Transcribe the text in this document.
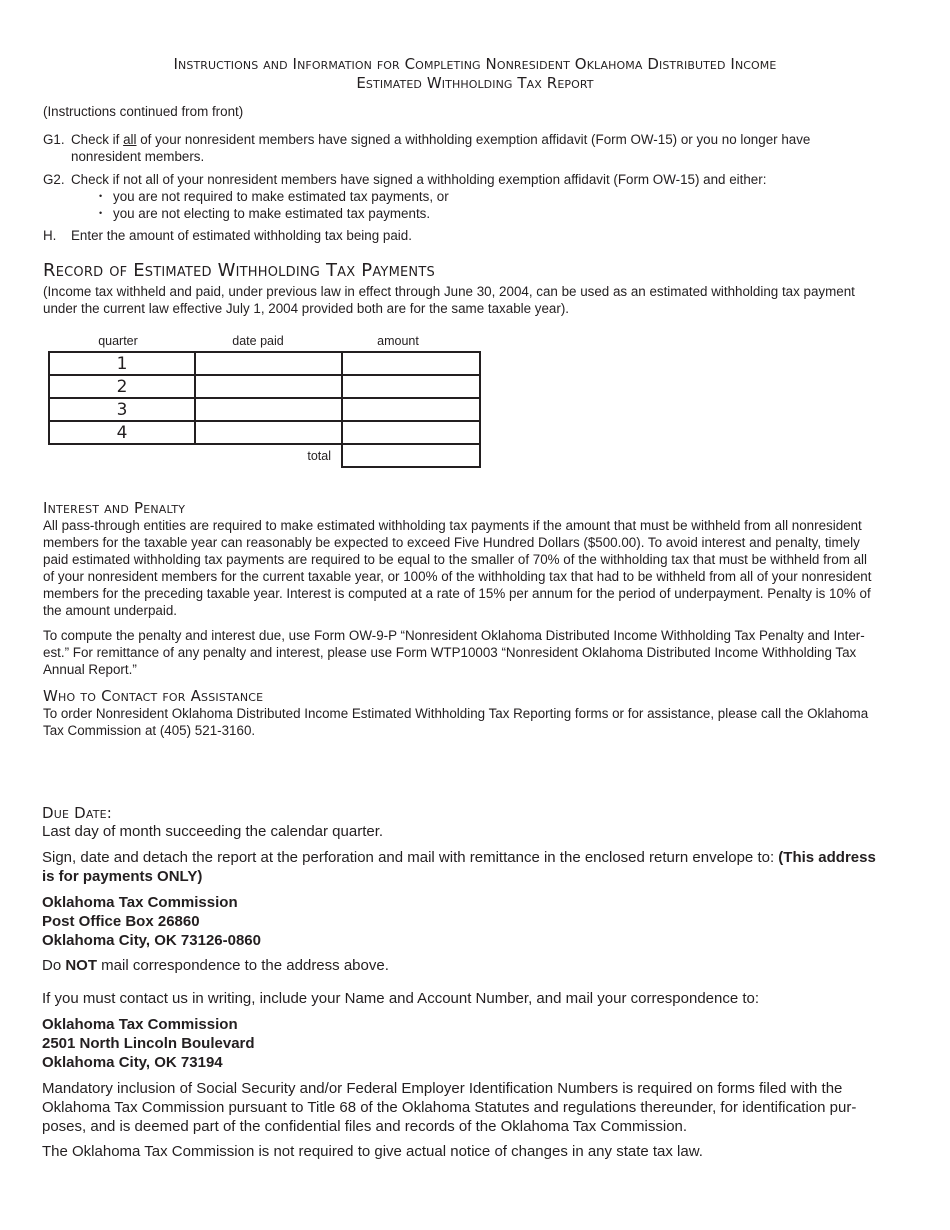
Instructions and Information for Completing Nonresident Oklahoma Distributed Income
Estimated Withholding Tax Report
(Instructions continued from front)
G1. Check if all of your nonresident members have signed a withholding exemption affidavit (Form OW-15) or you no longer have
nonresident members.
G2. Check if not all of your nonresident members have signed a withholding exemption affidavit (Form OW-15) and either:
• you are not required to make estimated tax payments, or
• you are not electing to make estimated tax payments.
H. Enter the amount of estimated withholding tax being paid.
Record of Estimated Withholding Tax Payments
(Income tax withheld and paid, under previous law in effect through June 30, 2004, can be used as an estimated withholding tax payment
under the current law effective July 1, 2004 provided both are for the same taxable year).
quarter	date paid	amount
1		
2		
3		
4		
	total	
Interest and Penalty
All pass-through entities are required to make estimated withholding tax payments if the amount that must be withheld from all nonresident
members for the taxable year can reasonably be expected to exceed Five Hundred Dollars ($500.00). To avoid interest and penalty, timely
paid estimated withholding tax payments are required to be equal to the smaller of 70% of the withholding tax that must be withheld from all
of your nonresident members for the current taxable year, or 100% of the withholding tax that had to be withheld from all of your nonresident
members for the preceding taxable year. Interest is computed at a rate of 15% per annum for the period of underpayment. Penalty is 10% of
the amount underpaid.
To compute the penalty and interest due, use Form OW-9-P “Nonresident Oklahoma Distributed Income Withholding Tax Penalty and Inter-
est.” For remittance of any penalty and interest, please use Form WTP10003 “Nonresident Oklahoma Distributed Income Withholding Tax
Annual Report.”
Who to Contact for Assistance
To order Nonresident Oklahoma Distributed Income Estimated Withholding Tax Reporting forms or for assistance, please call the Oklahoma
Tax Commission at (405) 521-3160.
Due Date:
Last day of month succeeding the calendar quarter.
Sign, date and detach the report at the perforation and mail with remittance in the enclosed return envelope to: (This address
is for payments ONLY)
Oklahoma Tax Commission
Post Office Box 26860
Oklahoma City, OK 73126-0860
Do NOT mail correspondence to the address above.
If you must contact us in writing, include your Name and Account Number, and mail your correspondence to:
Oklahoma Tax Commission
2501 North Lincoln Boulevard
Oklahoma City, OK 73194
Mandatory inclusion of Social Security and/or Federal Employer Identification Numbers is required on forms filed with the
Oklahoma Tax Commission pursuant to Title 68 of the Oklahoma Statutes and regulations thereunder, for identification pur-
poses, and is deemed part of the confidential files and records of the Oklahoma Tax Commission.
The Oklahoma Tax Commission is not required to give actual notice of changes in any state tax law.
